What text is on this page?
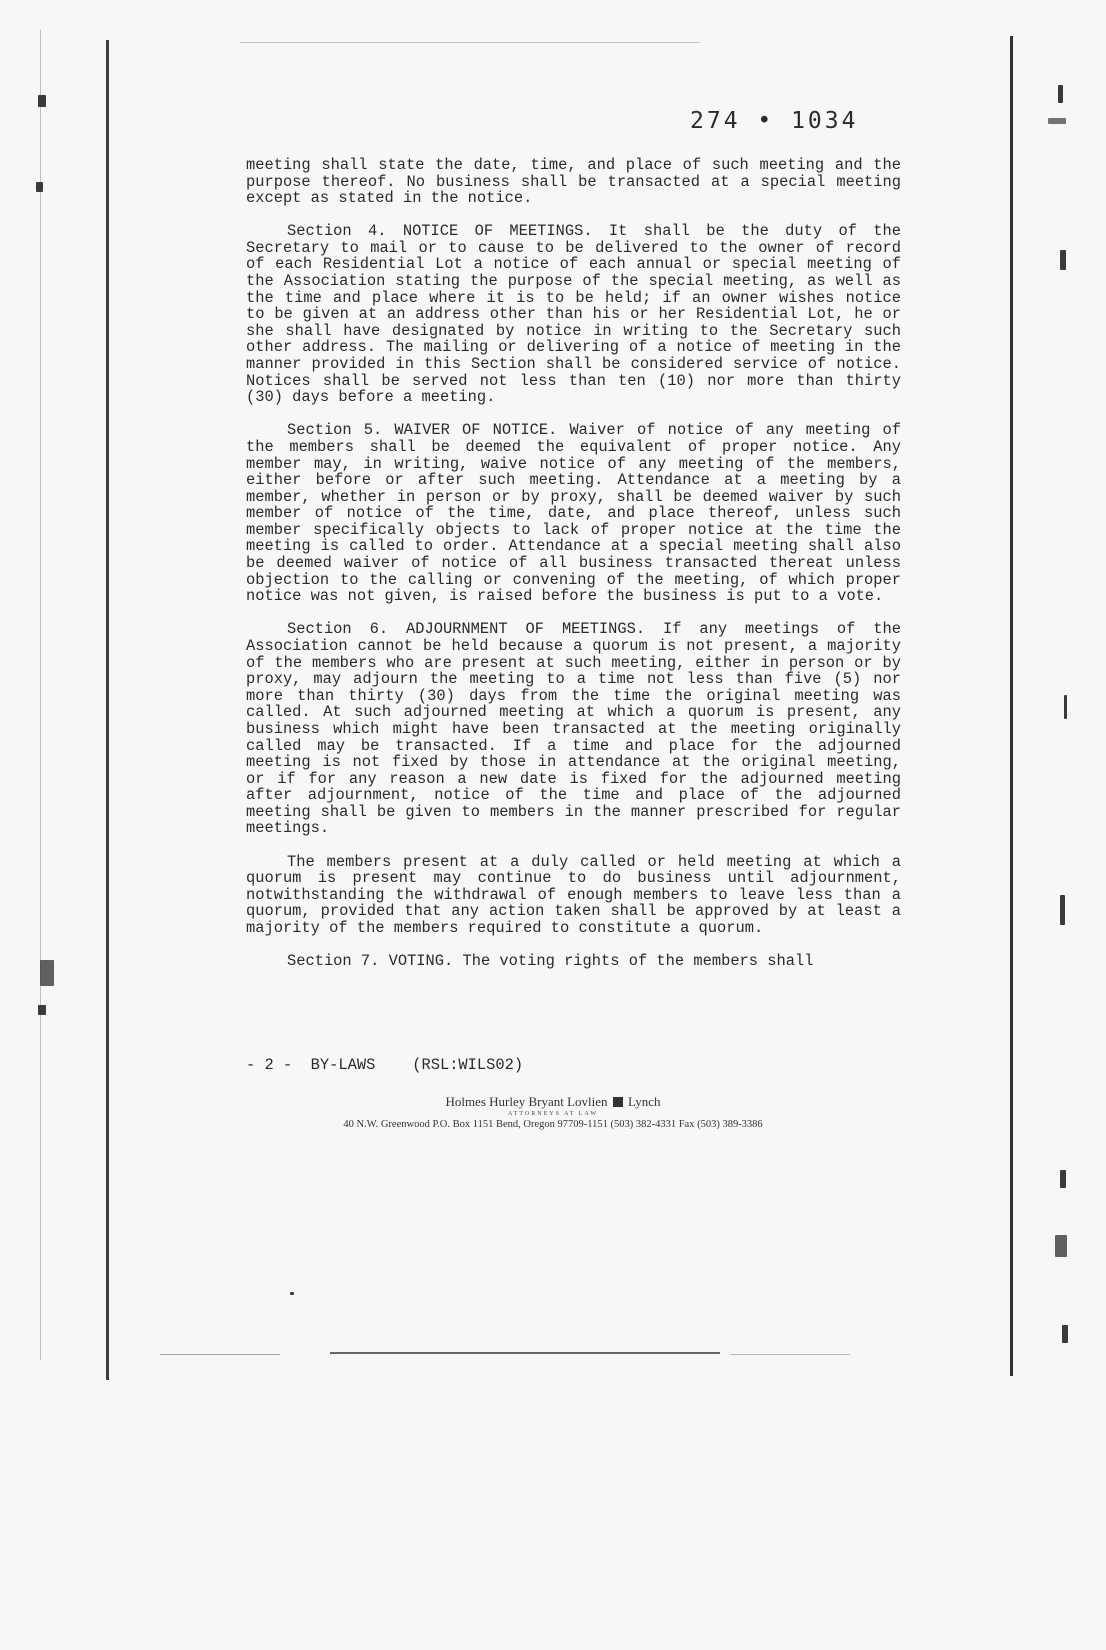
274 • 1034

meeting shall state the date, time, and place of such meeting and the purpose thereof. No business shall be transacted at a special meeting except as stated in the notice.

Section 4. NOTICE OF MEETINGS. It shall be the duty of the Secretary to mail or to cause to be delivered to the owner of record of each Residential Lot a notice of each annual or special meeting of the Association stating the purpose of the special meeting, as well as the time and place where it is to be held; if an owner wishes notice to be given at an address other than his or her Residential Lot, he or she shall have designated by notice in writing to the Secretary such other address. The mailing or delivering of a notice of meeting in the manner provided in this Section shall be considered service of notice. Notices shall be served not less than ten (10) nor more than thirty (30) days before a meeting.

Section 5. WAIVER OF NOTICE. Waiver of notice of any meeting of the members shall be deemed the equivalent of proper notice. Any member may, in writing, waive notice of any meeting of the members, either before or after such meeting. Attendance at a meeting by a member, whether in person or by proxy, shall be deemed waiver by such member of notice of the time, date, and place thereof, unless such member specifically objects to lack of proper notice at the time the meeting is called to order. Attendance at a special meeting shall also be deemed waiver of notice of all business transacted thereat unless objection to the calling or convening of the meeting, of which proper notice was not given, is raised before the business is put to a vote.

Section 6. ADJOURNMENT OF MEETINGS. If any meetings of the Association cannot be held because a quorum is not present, a majority of the members who are present at such meeting, either in person or by proxy, may adjourn the meeting to a time not less than five (5) nor more than thirty (30) days from the time the original meeting was called. At such adjourned meeting at which a quorum is present, any business which might have been transacted at the meeting originally called may be transacted. If a time and place for the adjourned meeting is not fixed by those in attendance at the original meeting, or if for any reason a new date is fixed for the adjourned meeting after adjournment, notice of the time and place of the adjourned meeting shall be given to members in the manner prescribed for regular meetings.

The members present at a duly called or held meeting at which a quorum is present may continue to do business until adjournment, notwithstanding the withdrawal of enough members to leave less than a quorum, provided that any action taken shall be approved by at least a majority of the members required to constitute a quorum.

Section 7. VOTING. The voting rights of the members shall

- 2 -  BY-LAWS    (RSL:WILS02)
Holmes Hurley Bryant Lovlien Lynch
ATTORNEYS AT LAW
40 N.W. Greenwood P.O. Box 1151 Bend, Oregon 97709-1151 (503) 382-4331 Fax (503) 389-3386
